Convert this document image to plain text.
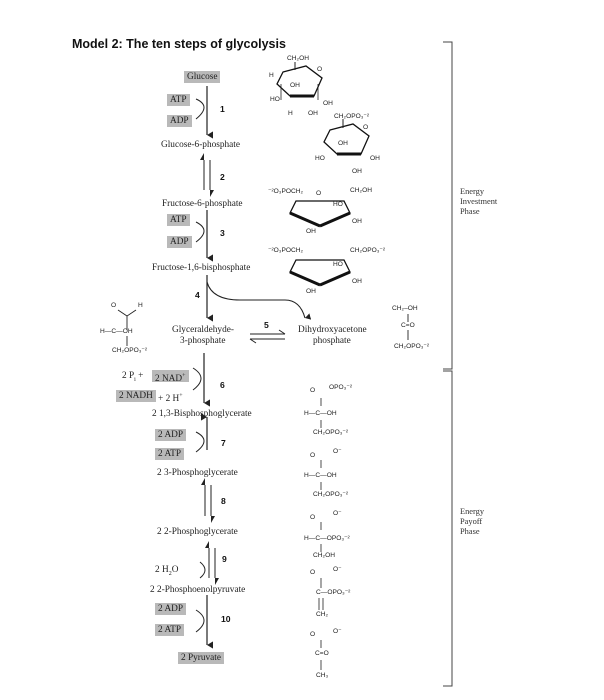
Model 2: The ten steps of glycolysis
Glucose
ATP
ADP
Glucose-6-phosphate
Fructose-6-phosphate
ATP
ADP
Fructose-1,6-bisphosphate
Glyceraldehyde-
3-phosphate
Dihydroxyacetone
phosphate
2 $P_i$ +	2 NAD+
2 NADH + 2 H+
2 1,3-Bisphosphoglycerate
2 ADP
2 ATP
2 3-Phosphoglycerate
2 2-Phosphoglycerate
2 $H_2O$
2 2-Phosphoenolpyruvate
2 ADP
2 ATP
2 Pyruvate
1
2
3
4
5
6
7
8
9
10
Energy
Investment
Phase
Energy
Payoff
Phase
CH₂OH
O
H
OH
HO
OH
H OH CH₂OPO₃⁻²
O
OH
HO	OH
OH
⁻²O₃POCH₂	CH₂OH
HO
O
OH
OH
⁻²O₃POCH₂	CH₂OPO₃⁻²
HO
OH
OH
O	H
H—C—OH
CH₂OPO₃⁻²
CH₂–OH
C=O
CH₂OPO₃⁻²
O OPO₃⁻²
H—C—OH
CH₂OPO₃⁻²
O
O⁻
H—C—OH
CH₂OPO₃⁻²
O
O⁻
H—C—OPO₃⁻²
CH₂OH
O	O⁻
C—OPO₃⁻²
CH₂
O	O⁻
C=O
CH₃
